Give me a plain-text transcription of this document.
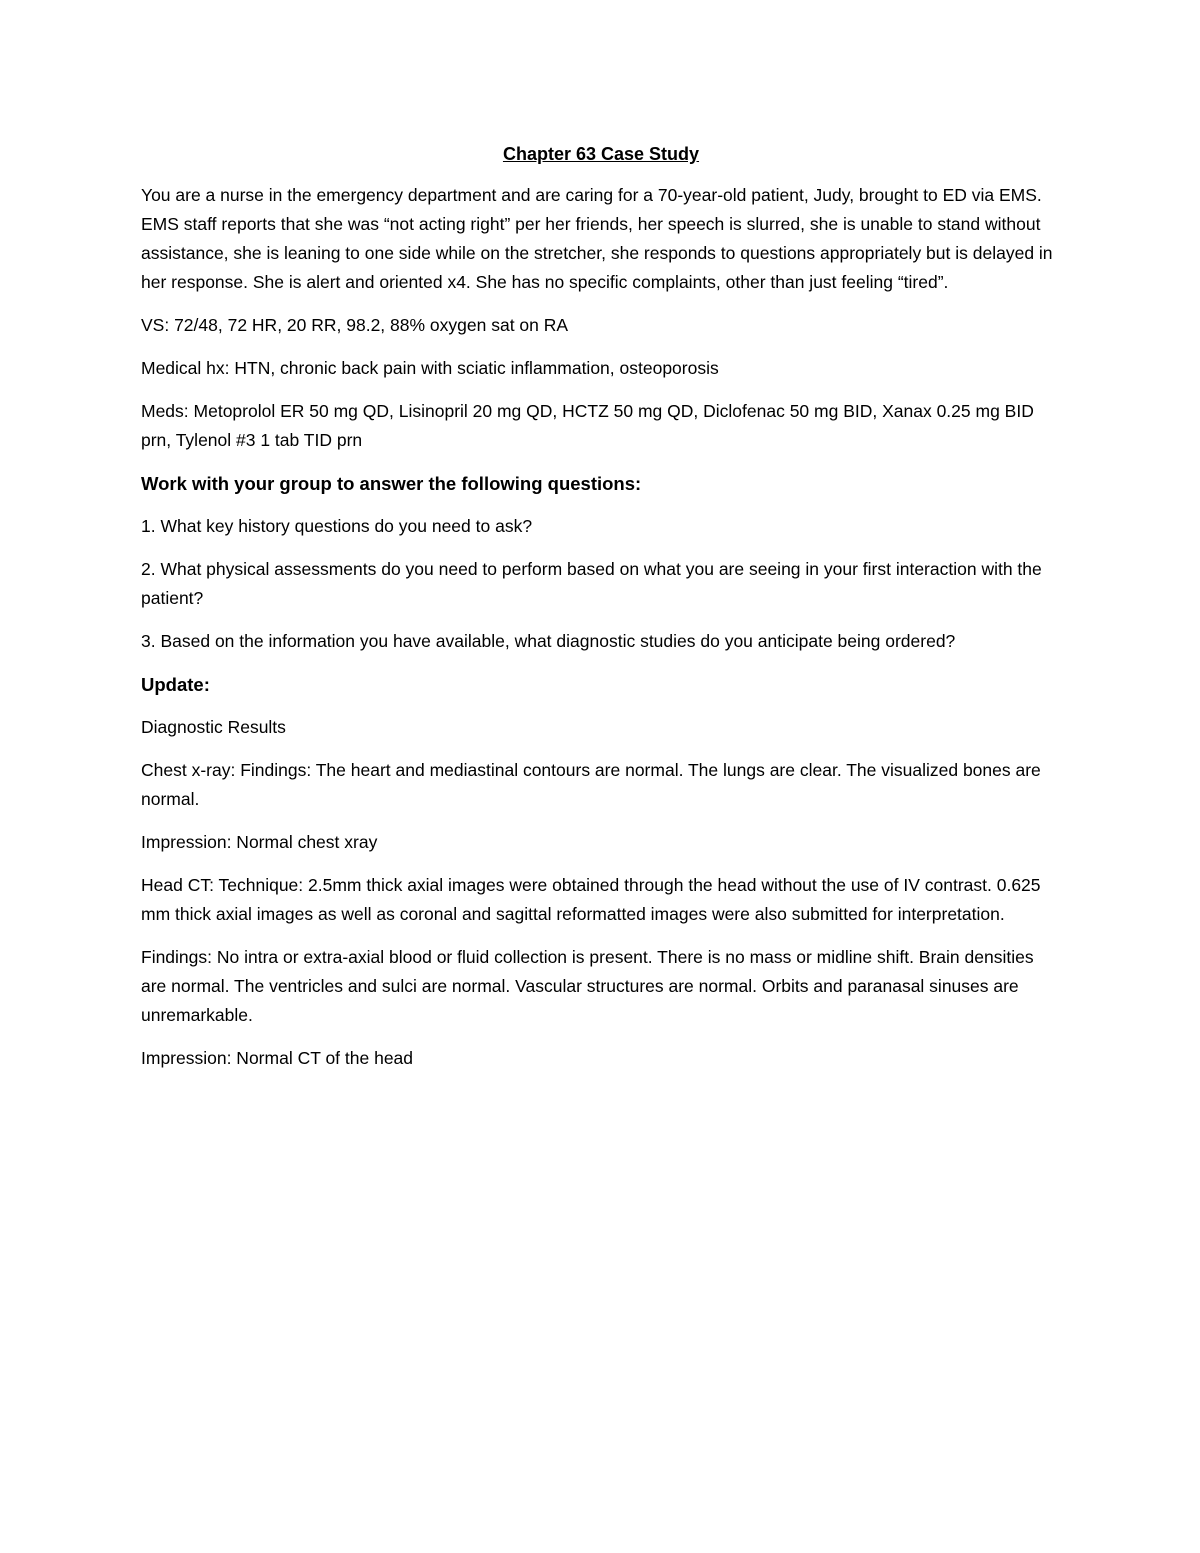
Chapter 63 Case Study

You are a nurse in the emergency department and are caring for a 70-year-old patient, Judy, brought to ED via EMS. EMS staff reports that she was “not acting right” per her friends, her speech is slurred, she is unable to stand without assistance, she is leaning to one side while on the stretcher, she responds to questions appropriately but is delayed in her response. She is alert and oriented x4. She has no specific complaints, other than just feeling “tired”.

VS: 72/48, 72 HR, 20 RR, 98.2, 88% oxygen sat on RA

Medical hx: HTN, chronic back pain with sciatic inflammation, osteoporosis

Meds: Metoprolol ER 50 mg QD, Lisinopril 20 mg QD, HCTZ 50 mg QD, Diclofenac 50 mg BID, Xanax 0.25 mg BID prn, Tylenol #3 1 tab TID prn

Work with your group to answer the following questions:

1. What key history questions do you need to ask?

2. What physical assessments do you need to perform based on what you are seeing in your first interaction with the patient?

3. Based on the information you have available, what diagnostic studies do you anticipate being ordered?

Update:

Diagnostic Results

Chest x-ray: Findings: The heart and mediastinal contours are normal. The lungs are clear. The visualized bones are normal.

Impression: Normal chest xray

Head CT: Technique: 2.5mm thick axial images were obtained through the head without the use of IV contrast. 0.625 mm thick axial images as well as coronal and sagittal reformatted images were also submitted for interpretation.

Findings: No intra or extra-axial blood or fluid collection is present. There is no mass or midline shift. Brain densities are normal. The ventricles and sulci are normal. Vascular structures are normal. Orbits and paranasal sinuses are unremarkable.

Impression: Normal CT of the head
